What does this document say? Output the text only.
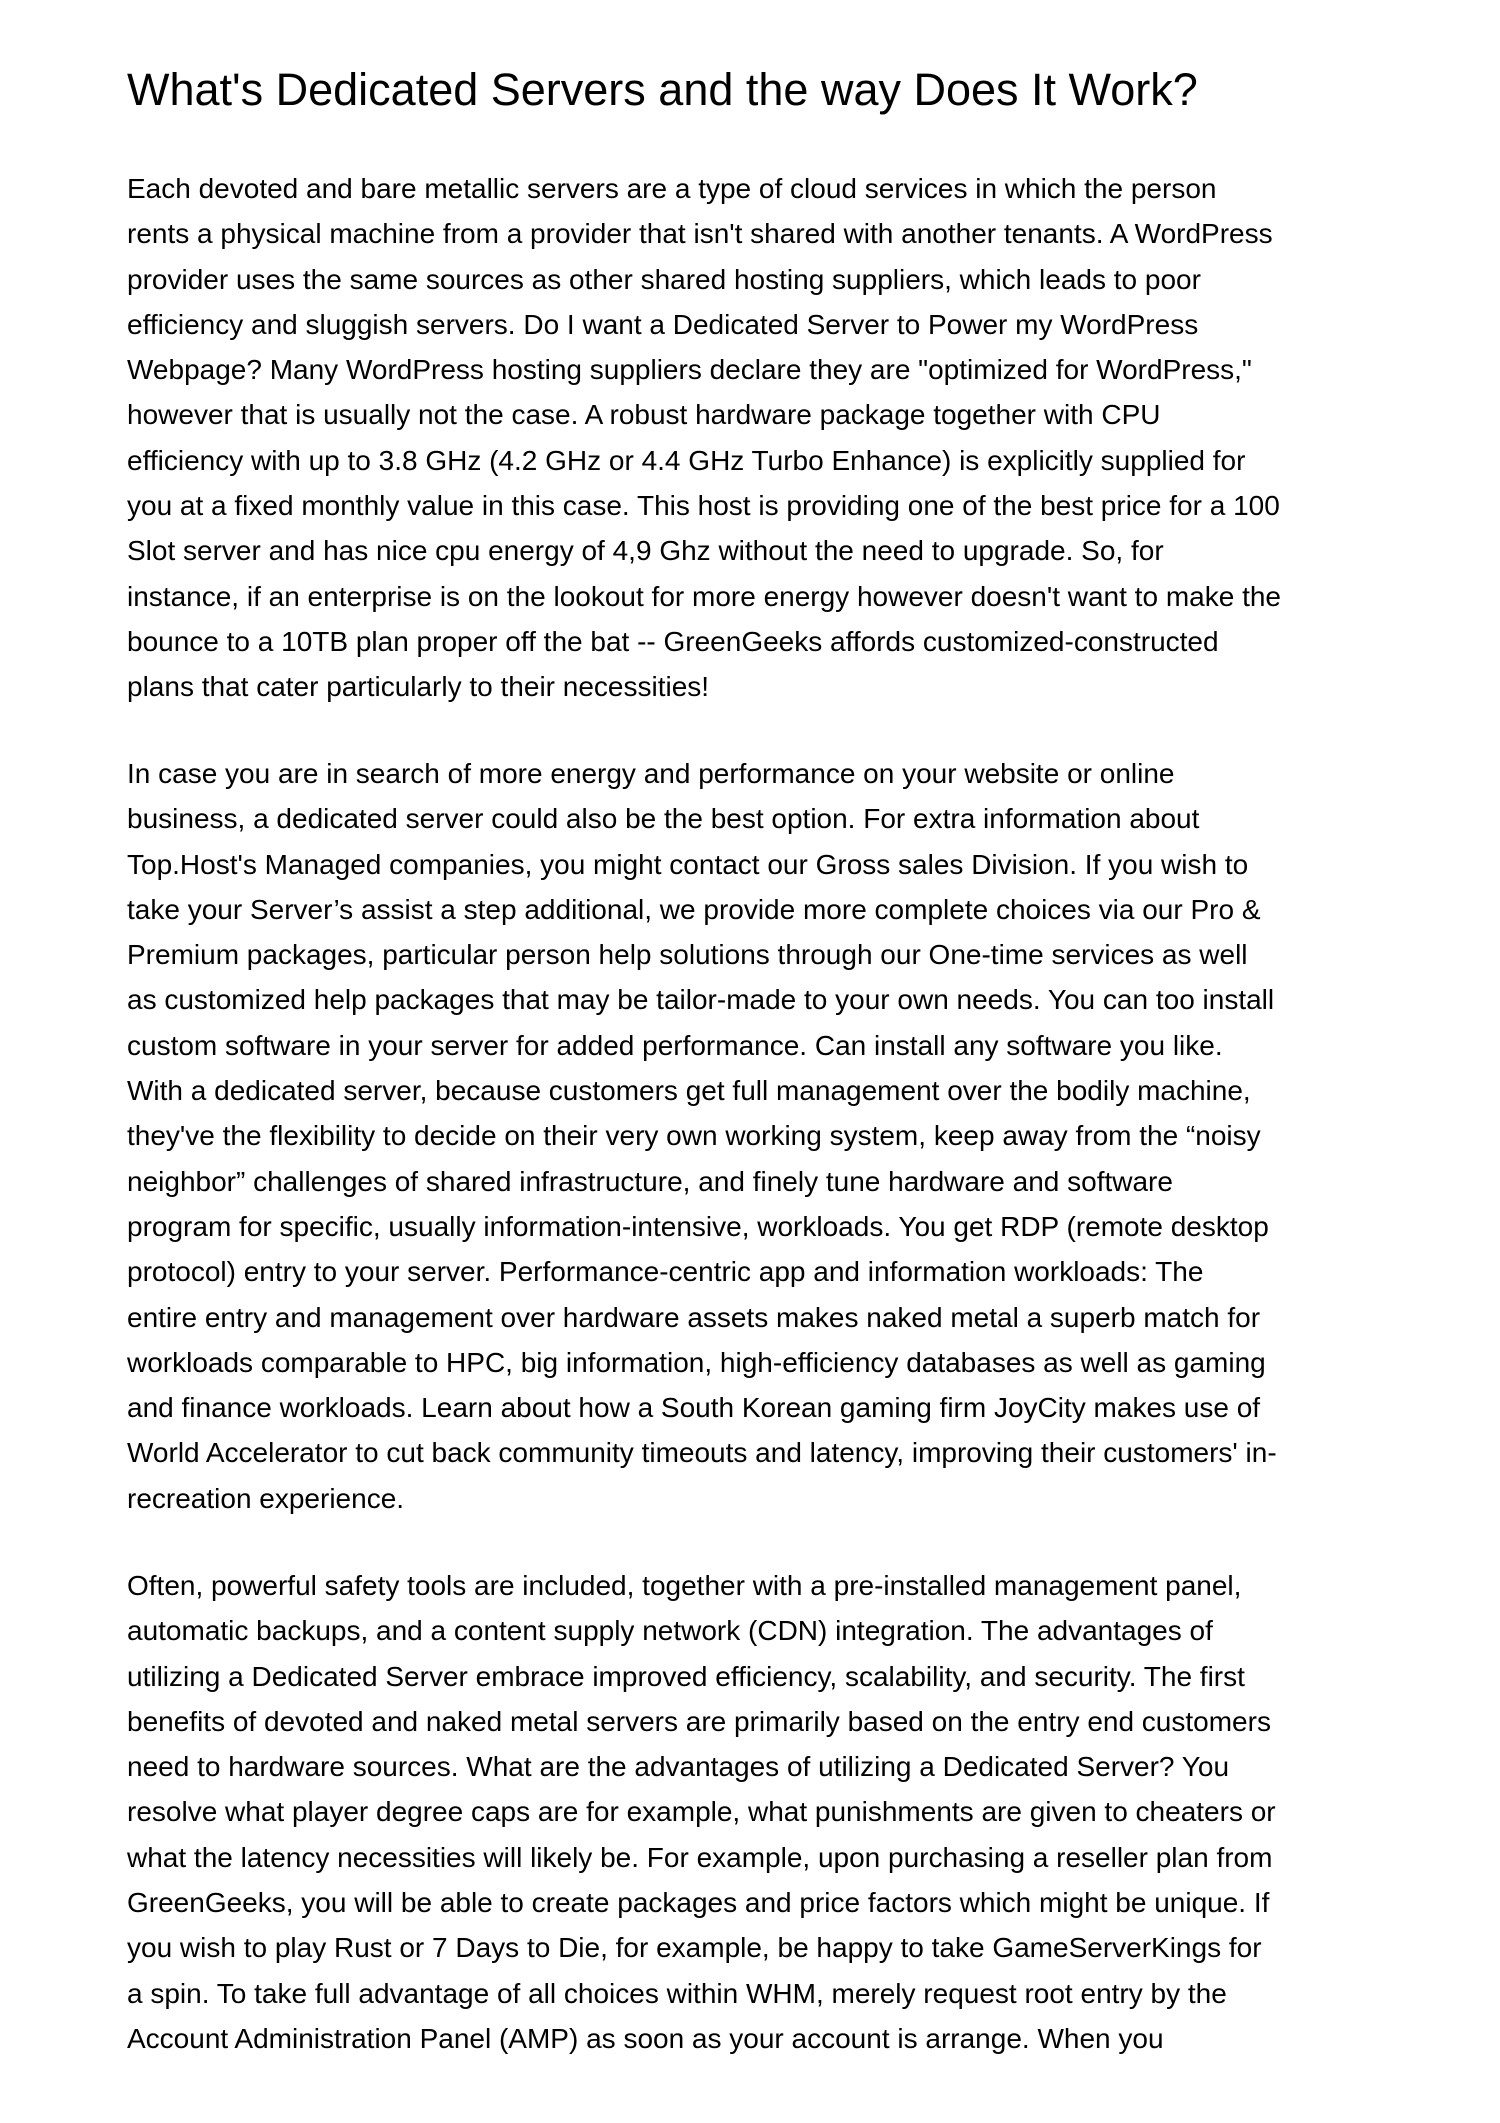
What's Dedicated Servers and the way Does It Work?

Each devoted and bare metallic servers are a type of cloud services in which the person
rents a physical machine from a provider that isn't shared with another tenants. A WordPress
provider uses the same sources as other shared hosting suppliers, which leads to poor
efficiency and sluggish servers. Do I want a Dedicated Server to Power my WordPress
Webpage? Many WordPress hosting suppliers declare they are "optimized for WordPress,"
however that is usually not the case. A robust hardware package together with CPU
efficiency with up to 3.8 GHz (4.2 GHz or 4.4 GHz Turbo Enhance) is explicitly supplied for
you at a fixed monthly value in this case. This host is providing one of the best price for a 100
Slot server and has nice cpu energy of 4,9 Ghz without the need to upgrade. So, for
instance, if an enterprise is on the lookout for more energy however doesn't want to make the
bounce to a 10TB plan proper off the bat -- GreenGeeks affords customized-constructed
plans that cater particularly to their necessities!

In case you are in search of more energy and performance on your website or online
business, a dedicated server could also be the best option. For extra information about
Top.Host's Managed companies, you might contact our Gross sales Division. If you wish to
take your Server’s assist a step additional, we provide more complete choices via our Pro &
Premium packages, particular person help solutions through our One-time services as well
as customized help packages that may be tailor-made to your own needs. You can too install
custom software in your server for added performance. Can install any software you like.
With a dedicated server, because customers get full management over the bodily machine,
they've the flexibility to decide on their very own working system, keep away from the “noisy
neighbor” challenges of shared infrastructure, and finely tune hardware and software
program for specific, usually information-intensive, workloads. You get RDP (remote desktop
protocol) entry to your server. Performance-centric app and information workloads: The
entire entry and management over hardware assets makes naked metal a superb match for
workloads comparable to HPC, big information, high-efficiency databases as well as gaming
and finance workloads. Learn about how a South Korean gaming firm JoyCity makes use of
World Accelerator to cut back community timeouts and latency, improving their customers' in-
recreation experience.

Often, powerful safety tools are included, together with a pre-installed management panel,
automatic backups, and a content supply network (CDN) integration. The advantages of
utilizing a Dedicated Server embrace improved efficiency, scalability, and security. The first
benefits of devoted and naked metal servers are primarily based on the entry end customers
need to hardware sources. What are the advantages of utilizing a Dedicated Server? You
resolve what player degree caps are for example, what punishments are given to cheaters or
what the latency necessities will likely be. For example, upon purchasing a reseller plan from
GreenGeeks, you will be able to create packages and price factors which might be unique. If
you wish to play Rust or 7 Days to Die, for example, be happy to take GameServerKings for
a spin. To take full advantage of all choices within WHM, merely request root entry by the
Account Administration Panel (AMP) as soon as your account is arrange. When you
